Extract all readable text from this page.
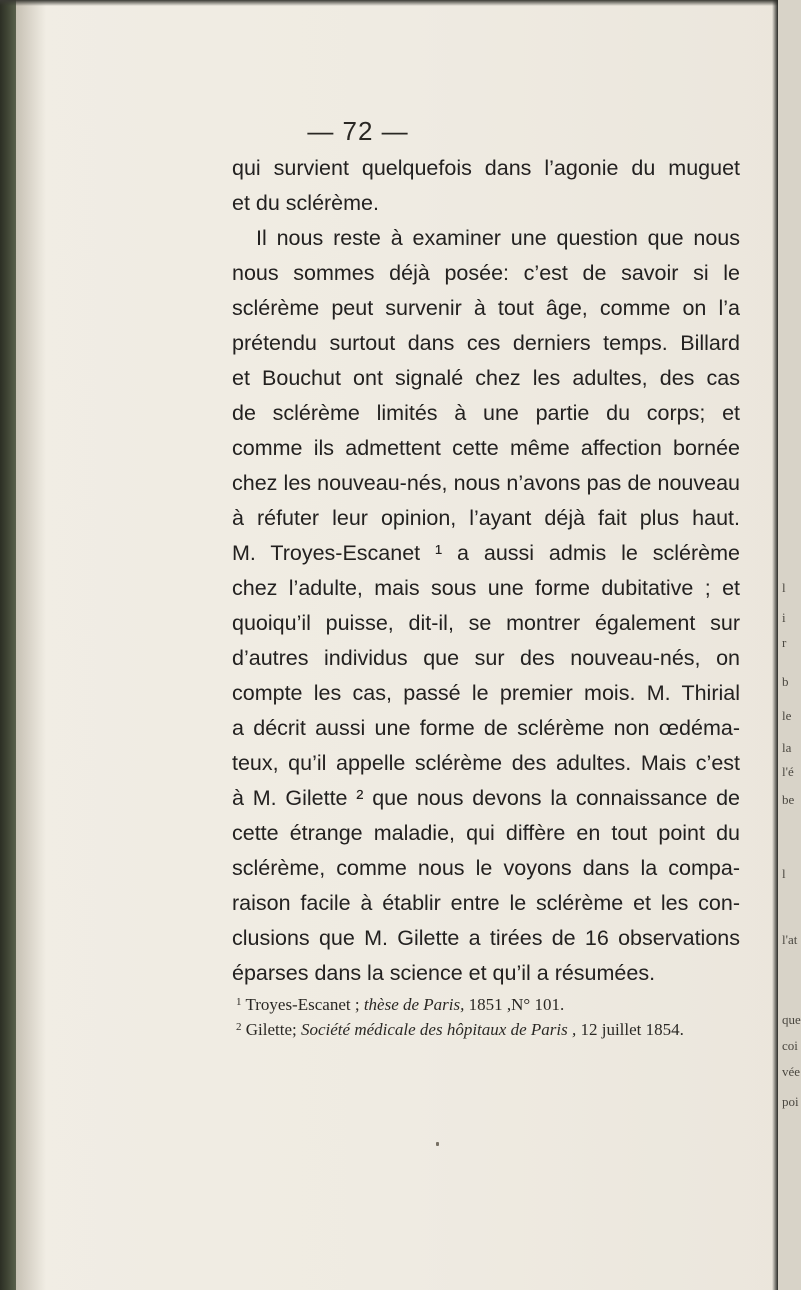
l
i
r
b
le
la
l'é
be
l
l'at
que
coi
vée
poi
— 72 —
qui survient quelquefois dans l’agonie du muguet
et du sclérème.
Il nous reste à examiner une question que nous
nous sommes déjà posée: c’est de savoir si le
sclérème peut survenir à tout âge, comme on l’a
prétendu surtout dans ces derniers temps. Billard
et Bouchut ont signalé chez les adultes, des cas
de sclérème limités à une partie du corps; et
comme ils admettent cette même affection bornée
chez les nouveau-nés, nous n’avons pas de nouveau
à réfuter leur opinion, l’ayant déjà fait plus haut.
M. Troyes-Escanet ¹ a aussi admis le sclérème
chez l’adulte, mais sous une forme dubitative ; et
quoiqu’il puisse, dit-il, se montrer également sur
d’autres individus que sur des nouveau-nés, on
compte les cas, passé le premier mois. M. Thirial
a décrit aussi une forme de sclérème non œdéma-
teux, qu’il appelle sclérème des adultes. Mais c’est
à M. Gilette ² que nous devons la connaissance de
cette étrange maladie, qui diffère en tout point du
sclérème, comme nous le voyons dans la compa-
raison facile à établir entre le sclérème et les con-
clusions que M. Gilette a tirées de 16 observations
éparses dans la science et qu’il a résumées.
$^1$ Troyes-Escanet ; thèse de Paris, 1851 ,N° 101.
$^2$ Gilette; Société médicale des hôpitaux de Paris , 12 juillet 1854.
